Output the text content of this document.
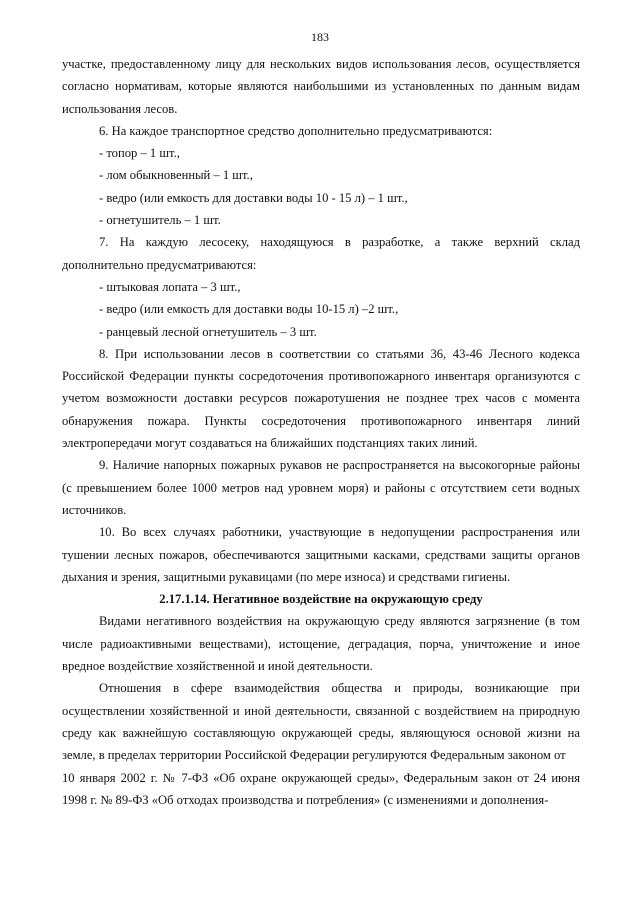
183

участке, предоставленному лицу для нескольких видов использования лесов, осуществляется согласно нормативам, которые являются наибольшими из установленных по данным видам использования лесов.

6. На каждое транспортное средство дополнительно предусматриваются:

- топор – 1 шт.,

- лом обыкновенный – 1 шт.,

- ведро (или емкость для доставки воды 10 - 15 л) – 1 шт.,

- огнетушитель – 1 шт.

7. На каждую лесосеку, находящуюся в разработке, а также верхний склад дополнительно предусматриваются:

- штыковая лопата – 3 шт.,

- ведро (или емкость для доставки воды 10-15 л) –2 шт.,

- ранцевый лесной огнетушитель – 3 шт.

8. При использовании лесов в соответствии со статьями 36, 43-46 Лесного кодекса Российской Федерации пункты сосредоточения противопожарного инвентаря организуются с учетом возможности доставки ресурсов пожаротушения не позднее трех часов с момента обнаружения пожара. Пункты сосредоточения противопожарного инвентаря линий электропередачи могут создаваться на ближайших подстанциях таких линий.

9. Наличие напорных пожарных рукавов не распространяется на высокогорные районы (с превышением более 1000 метров над уровнем моря) и районы с отсутствием сети водных источников.

10. Во всех случаях работники, участвующие в недопущении распространения или тушении лесных пожаров, обеспечиваются защитными касками, средствами защиты органов дыхания и зрения, защитными рукавицами (по мере износа) и средствами гигиены.

2.17.1.14. Негативное воздействие на окружающую среду

Видами негативного воздействия на окружающую среду являются загрязнение (в том числе радиоактивными веществами), истощение, деградация, порча, уничтожение и иное вредное воздействие хозяйственной и иной деятельности.

Отношения в сфере взаимодействия общества и природы, возникающие при осуществлении хозяйственной и иной деятельности, связанной с воздействием на природную среду как важнейшую составляющую окружающей среды, являющуюся основой жизни на земле, в пределах территории Российской Федерации регулируются Федеральным законом от

10 января 2002 г. № 7-ФЗ «Об охране окружающей среды», Федеральным закон от 24 июня 1998 г. № 89-ФЗ «Об отходах производства и потребления» (с изменениями и дополнения-
